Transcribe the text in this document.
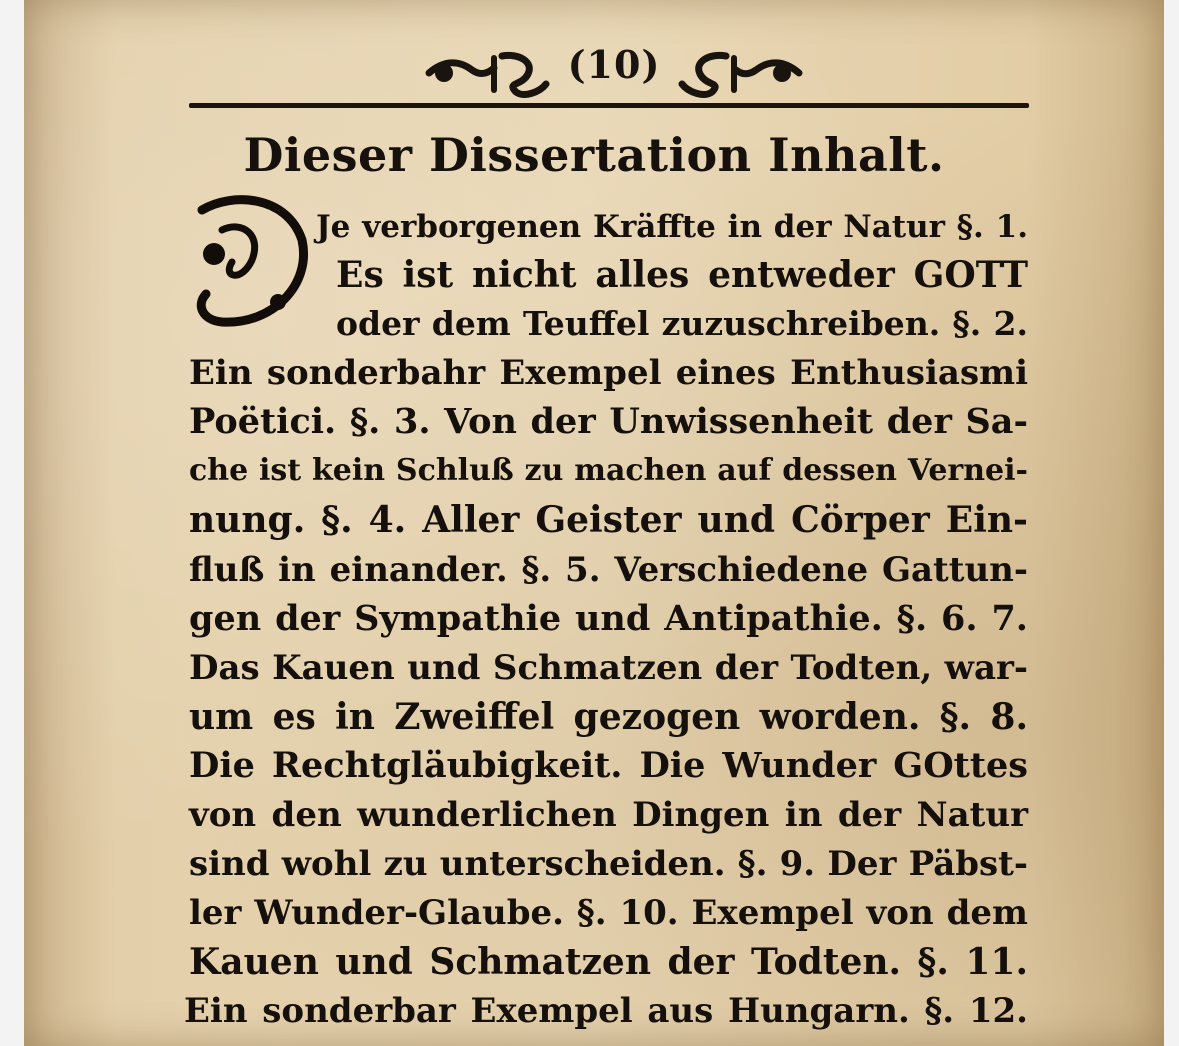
(10)
Dieser Dissertation Inhalt.
Je verborgenen Kräffte in der Natur §. 1.
Es ist nicht alles entweder GOTT
oder dem Teuffel zuzuschreiben. §. 2.
Ein sonderbahr Exempel eines Enthusiasmi
Poëtici. §. 3. Von der Unwissenheit der Sa-
che ist kein Schluß zu machen auf dessen Vernei-
nung. §. 4. Aller Geister und Cörper Ein-
fluß in einander. §. 5. Verschiedene Gattun-
gen der Sympathie und Antipathie. §. 6. 7.
Das Kauen und Schmatzen der Todten, war-
um es in Zweiffel gezogen worden. §. 8.
Die Rechtgläubigkeit. Die Wunder GOttes
von den wunderlichen Dingen in der Natur
sind wohl zu unterscheiden. §. 9. Der Päbst-
ler Wunder-Glaube. §. 10. Exempel von dem
Kauen und Schmatzen der Todten. §. 11.
Ein sonderbar Exempel aus Hungarn. §. 12.
